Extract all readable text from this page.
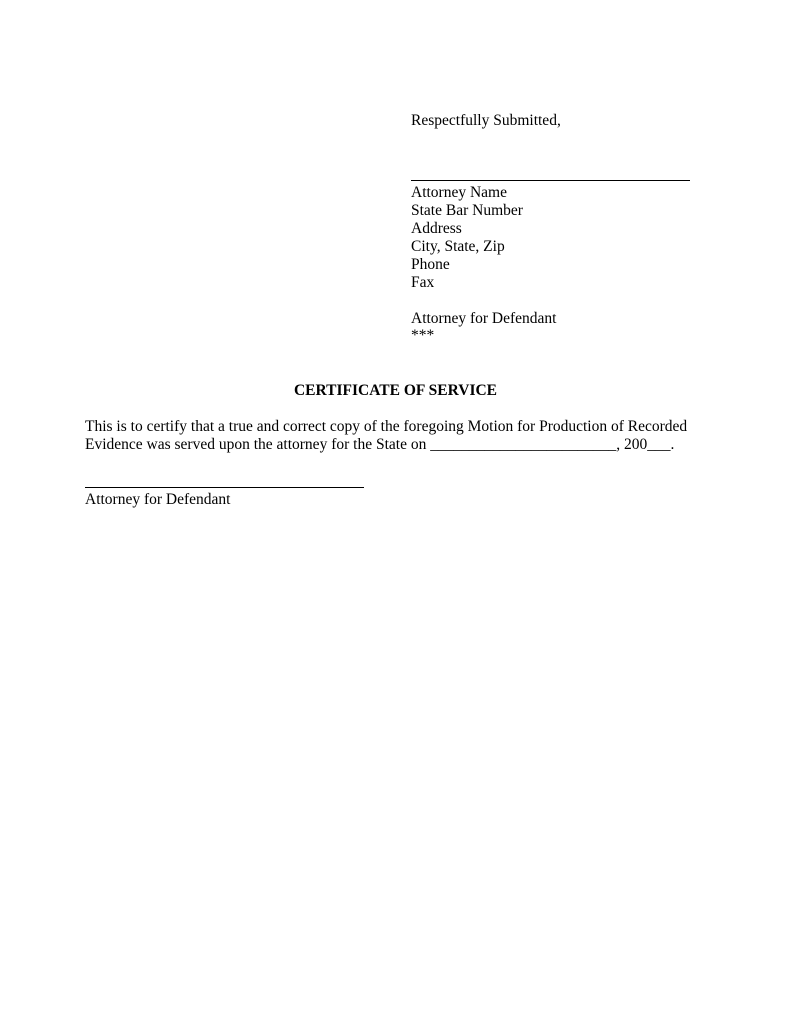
Respectfully Submitted,
Attorney Name
State Bar Number
Address
City, State, Zip
Phone
Fax
Attorney for Defendant
***
CERTIFICATE OF SERVICE
This is to certify that a true and correct copy of the foregoing Motion for Production of Recorded
Evidence was served upon the attorney for the State on ________________________, 200___.
Attorney for Defendant
